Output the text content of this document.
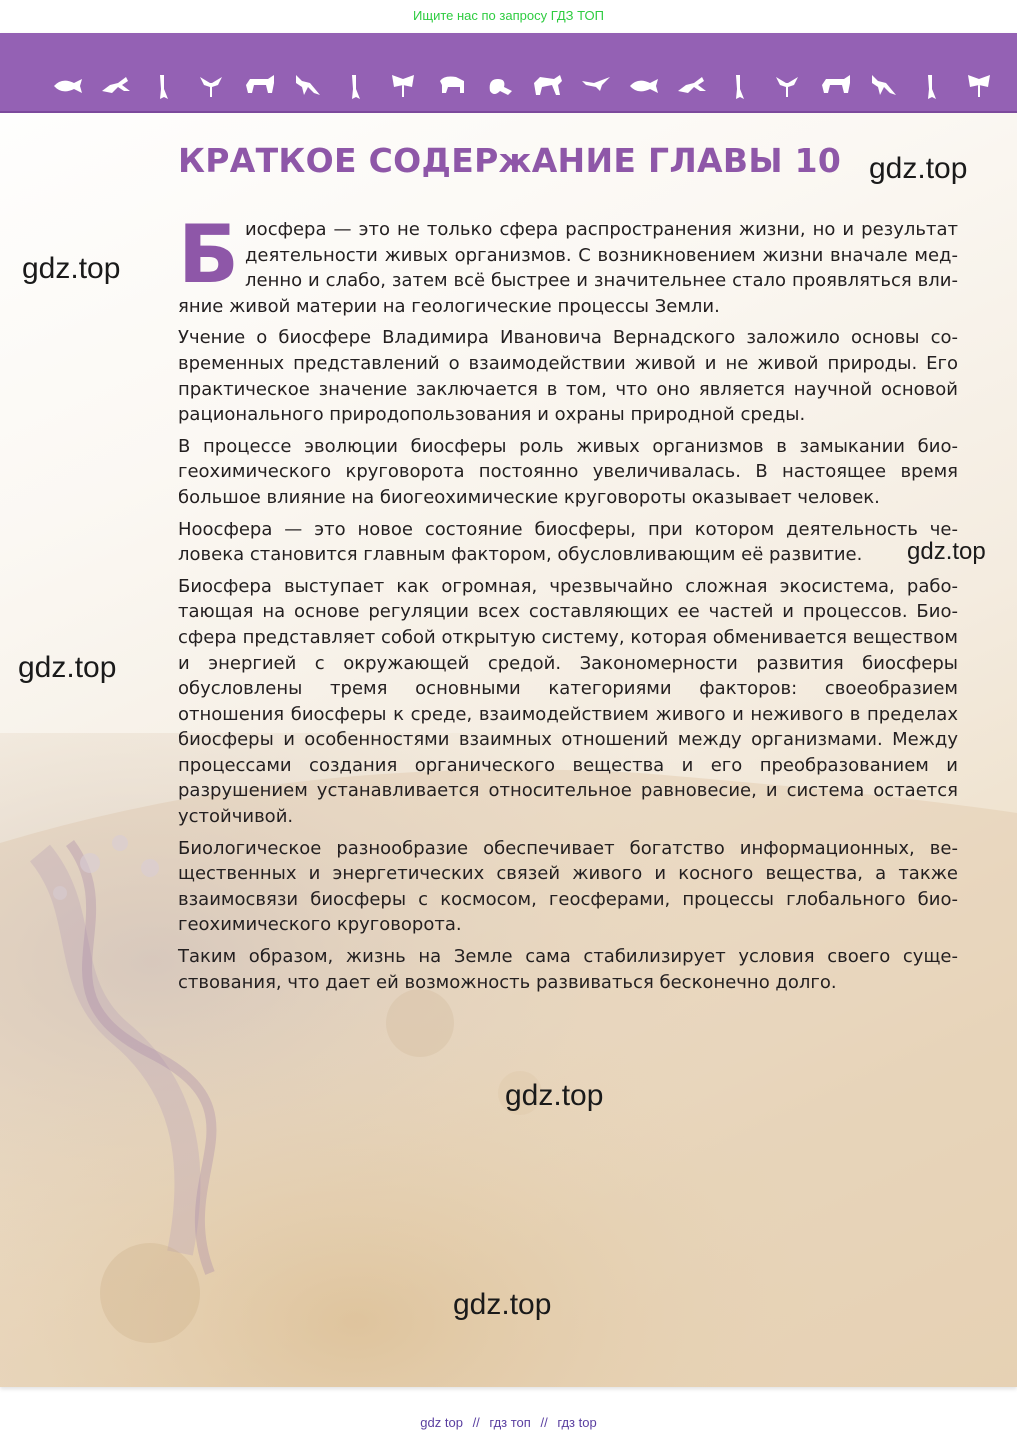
Ищите нас по запросу ГДЗ ТОП
КРАТКОЕ СОДЕРжАНИЕ ГЛАВЫ 10

Б иосфера — это не только сфера распространения жизни, но и результат деятельности живых организмов. С возникновением жизни вначале медленно и слабо, затем всё быстрее и значительнее стало проявляться влияние живой материи на геологические процессы Земли.

Учение о биосфере Владимира Ивановича Вернадского заложило основы современных представлений о взаимодействии живой и не живой природы. Его практическое значение заключается в том, что оно является научной основой рационального природопользования и охраны природной среды.

В процессе эволюции биосферы роль живых организмов в замыкании биогеохимического круговорота постоянно увеличивалась. В настоящее время большое влияние на биогеохимические круговороты оказывает человек.

Ноосфера — это новое состояние биосферы, при котором деятельность человека становится главным фактором, обусловливающим её развитие.

Биосфера выступает как огромная, чрезвычайно сложная экосистема, работающая на основе регуляции всех составляющих ее частей и процессов. Биосфера представляет собой открытую систему, которая обменивается веществом и энергией с окружающей средой. Закономерности развития биосферы обусловлены тремя основными категориями факторов: своеобразием отношения биосферы к среде, взаимодействием живого и неживого в пределах биосферы и особенностями взаимных отношений между организмами. Между процессами создания органического вещества и его преобразованием и разрушением устанавливается относительное равновесие, и система остается устойчивой.

Биологическое разнообразие обеспечивает богатство информационных, вещественных и энергетических связей живого и косного вещества, а также взаимосвязи биосферы с космосом, геосферами, процессы глобального биогеохимического круговорота.

Таким образом, жизнь на Земле сама стабилизирует условия своего существования, что дает ей возможность развиваться бесконечно долго.

gdz.top
gdz.top
gdz.top
gdz.top
gdz.top
gdz.top
gdz top // гдз топ // гдз top
